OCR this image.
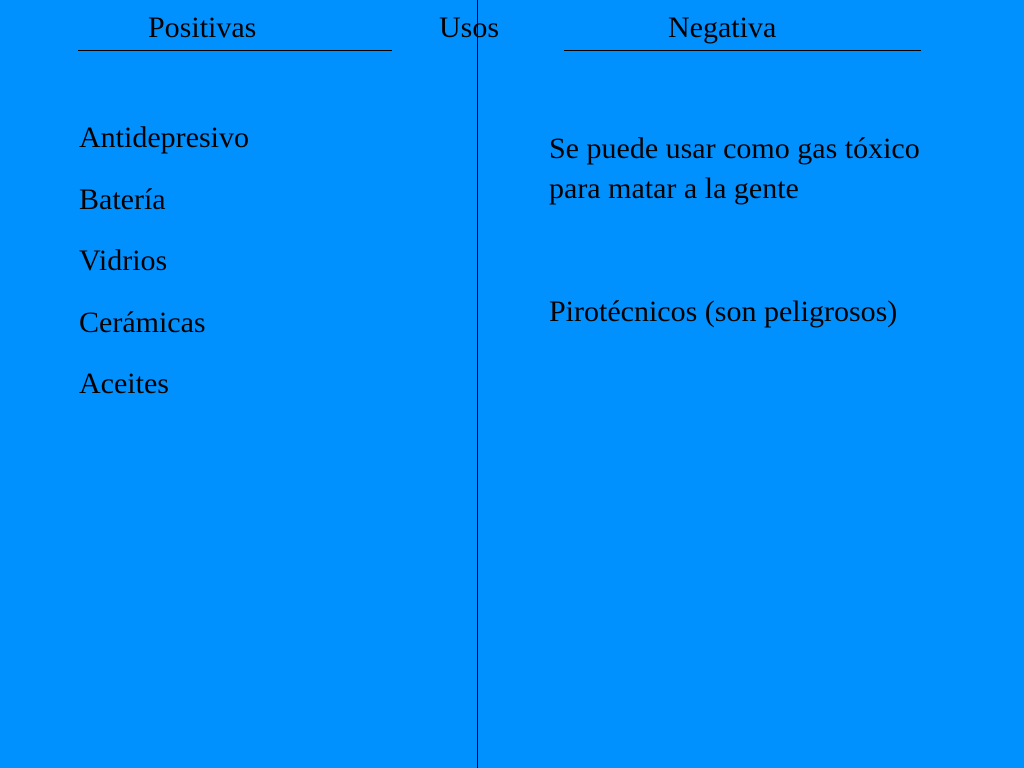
Positivas	Usos	Negativa
Antidepresivo
Batería
Vidrios
Cerámicas
Aceites
Se puede usar como gas tóxico para matar a la gente
Pirotécnicos (son peligrosos)
